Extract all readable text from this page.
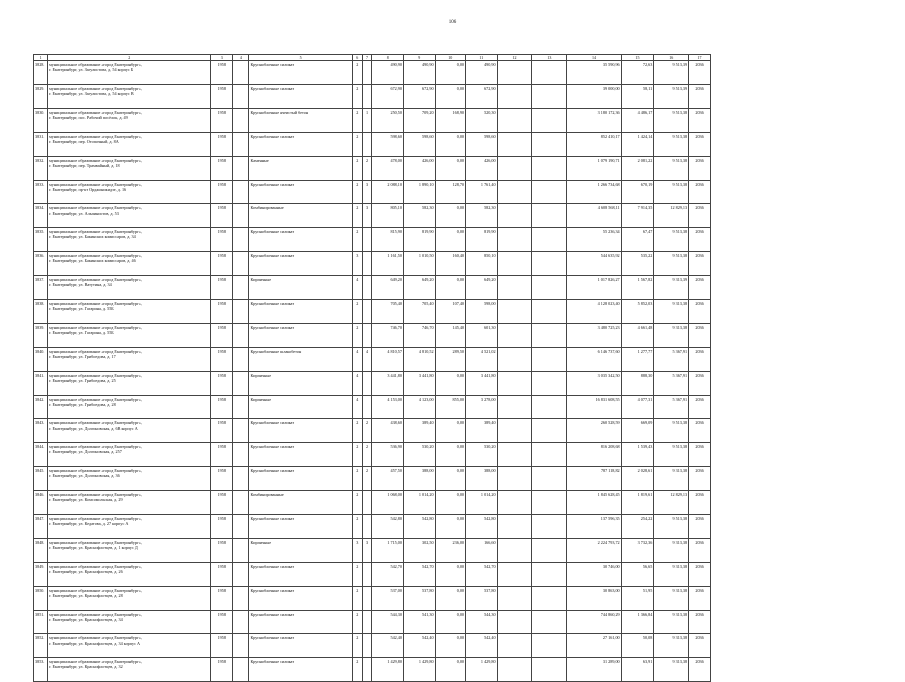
106
1	2	3	4	5	6	7	8	9	10	11	12	13	14	15	16	17
3828.	муниципальное образование «город Екатеринбург»,
г. Екатеринбург, ул. Загулистова, д. 54 корпус Б	1958		Крупноблочные силикат	2		490,90	490,90	0,00	490,90			35 590,96	72,63	9 513,39	2036
3829.	муниципальное образование «город Екатеринбург»,
г. Екатеринбург, ул. Загулистова, д. 54 корпус В	1958		Крупноблочные силикат	2		672,90	672,90	0,00	672,90			39 000,00	58,11	9 513,39	2036
3830.	муниципальное образование «город Екатеринбург»,
г. Екатеринбург, пос. Рабочий посёлок, д. 49	1958		Крупноблочные ячеистый бетон	2	1	250,50	709,20	168,90	520,30			3 180 172,36	4 486,17	9 513,38	2036
3831.	муниципальное образование «город Екатеринбург»,
г. Екатеринбург, пер. Отопочный, д. 8А	1958		Крупноблочные силикат	2		598,60	598,60	0,00	598,60			852 410,17	1 424,14	9 513,38	2036
3832.	муниципальное образование «город Екатеринбург»,
г. Екатеринбург, пер. Трамвайный, д. 18	1958		Каменные	2	2	478,00	426,00	0,00	426,00			1 079 190,71	2 081,22	9 513,38	2036
3833.	муниципальное образование «город Екатеринбург»,
г. Екатеринбург, пр-кт Орджоникидзе, д. 16	1958		Крупноблочные силикат	2	3	2 088,10	1 890,10	128,70	1 761,40			1 266 734,68	670,19	9 513,38	2036
3834.	муниципальное образование «город Екатеринбург»,
г. Екатеринбург, ул. Альпинистов, д. 53	1958		Комбинированные	2	3	805,10	582,30	0,00	582,30			4 608 568,11	7 914,35	12 829,13	2036
3835.	муниципальное образование «город Екатеринбург»,
г. Екатеринбург, ул. Бакинских комиссаров, д. 34	1958		Крупноблочные силикат	2		815,90	819,90	0,00	819,90			55 236,34	67,47	9 513,38	2036
3836.	муниципальное образование «город Екатеринбург»,
г. Екатеринбург, ул. Бакинских комиссаров, д. 46	1958		Крупноблочные силикат	3		1 161,50	1 010,50	160,40	850,10			544 635,92	535,22	9 513,38	2036
3837.	муниципальное образование «город Екатеринбург»,
г. Екатеринбург, ул. Ватутина, д. 34	1958		Кирпичные	4		649,20	649,20	0,00	649,20			1 017 826,27	1 567,82	9 313,39	2036
3838.	муниципальное образование «город Екатеринбург»,
г. Екатеринбург, ул. Гагарина, д. 55Б	1958		Крупноблочные силикат	2		705,40	705,40	107,40	598,00			4 128 023,40	5 852,03	9 313,38	2036
3839.	муниципальное образование «город Екатеринбург»,
г. Екатеринбург, ул. Гагарина, д. 55Б	1958		Крупноблочные силикат	2		746,70	746,70	145,40	601,30			3 480 725,23	4 661,48	9 313,38	2036
3840.	муниципальное образование «город Екатеринбург»,
г. Екатеринбург, ул. Грибоедова, д. 17	1958		Крупноблочные шлакобетон	4	4	4 810,57	4 810,52	289,50	4 521,02			6 146 737,60	1 277,77	5 367,91	2036
3841.	муниципальное образование «город Екатеринбург»,
г. Екатеринбург, ул. Грибоедова, д. 25	1958		Кирпичные	4		3 441,80	3 441,80	0,00	3 441,80			3 035 342,50	888,30	5 367,91	2036
3842.	муниципальное образование «город Екатеринбург»,
г. Екатеринбург, ул. Грибоедова, д. 28	1958		Кирпичные	4		4 153,00	4 123,00	855,00	3 278,00			16 831 608,55	4 077,31	5 367,91	2036
3843.	муниципальное образование «город Екатеринбург»,
г. Екатеринбург, ул. Долгоновская, д. 6В корпус А	1958		Крупноблочные силикат	2	2	438,60	389,40	0,00	389,40			260 528,59	669,09	9 513,38	2036
3844.	муниципальное образование «город Екатеринбург»,
г. Екатеринбург, ул. Долгоновская, д. 257	1958		Крупноблочные силикат	2	2	536,90	530,20	0,00	530,20			816 208,68	1 539,43	9 513,38	2036
3845.	муниципальное образование «город Екатеринбург»,
г. Екатеринбург, ул. Долгоновская, д. 36	1958		Крупноблочные силикат	2	2	457,50	388,00	0,00	388,00			787 118,82	2 028,61	9 313,38	2036
3846.	муниципальное образование «город Екатеринбург»,
г. Екатеринбург, ул. Комсомольская, д. 29	1958		Комбинированные	2		1 068,00	1 014,20	0,00	1 014,20			1 845 628,45	1 819,61	12 829,13	2036
3847.	муниципальное образование «город Екатеринбург»,
г. Екатеринбург, ул. Кедатова, д. 27 корпус А	1958		Крупноблочные силикат	2		542,80	542,80	0,00	542,80			137 596,35	254,22	9 513,38	2036
3848.	муниципальное образование «город Екатеринбург»,
г. Екатеринбург, ул. Краснофлотцев, д. 1 корпус Д	1958		Кирпичные	3	3	1 715,00	302,50	236,00	166,60			2 224 793,72	3 732,36	9 313,38	2036
3849.	муниципальное образование «город Екатеринбург»,
г. Екатеринбург, ул. Краснофлотцев, д. 26	1958		Крупноблочные силикат	2		542,70	542,70	0,00	542,70			30 746,00	56,65	9 313,38	2036
3850.	муниципальное образование «город Екатеринбург»,
г. Екатеринбург, ул. Краснофлотцев, д. 28	1958		Крупноблочные силикат	2		537,00	537,80	0,00	537,80			30 863,00	51,95	9 313,38	2036
3851.	муниципальное образование «город Екатеринбург»,
г. Екатеринбург, ул. Краснофлотцев, д. 34	1958		Крупноблочные силикат	2		544,30	541,30	0,00	544,30			744 860,29	1 366,84	9 313,38	2036
3852.	муниципальное образование «город Екатеринбург»,
г. Екатеринбург, ул. Краснофлотцев, д. 34 корпус А	1958		Крупноблочные силикат	2		542,40	542,40	0,00	542,40			27 161,00	50,08	9 313,38	2036
3853.	муниципальное образование «город Екатеринбург»,
г. Екатеринбург, ул. Краснофлотцев, д. 32	1958		Крупноблочные силикат	2		1 429,80	1 429,80	0,00	1 429,80			31 289,00	63,91	9 313,38	2036
